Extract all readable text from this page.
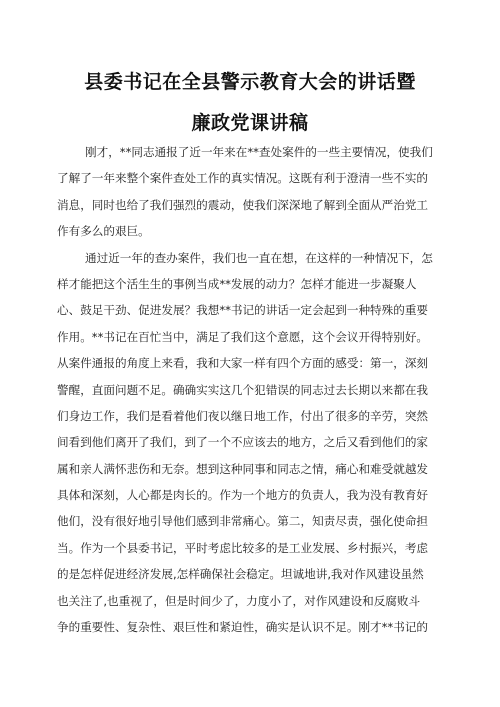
县委书记在全县警示教育大会的讲话暨
廉政党课讲稿
刚才，**同志通报了近一年来在**查处案件的一些主要情况，使我们
了解了一年来整个案件查处工作的真实情况。这既有利于澄清一些不实的
消息，同时也给了我们强烈的震动，使我们深深地了解到全面从严治党工
作有多么的艰巨。
通过近一年的查办案件，我们也一直在想，在这样的一种情况下，怎
样才能把这个活生生的事例当成**发展的动力？怎样才能进一步凝聚人
心、鼓足干劲、促进发展？我想**书记的讲话一定会起到一种特殊的重要
作用。**书记在百忙当中，满足了我们这个意愿，这个会议开得特别好。
从案件通报的角度上来看，我和大家一样有四个方面的感受：第一，深刻
警醒，直面问题不足。确确实实这几个犯错误的同志过去长期以来都在我
们身边工作，我们是看着他们夜以继日地工作，付出了很多的辛劳，突然
间看到他们离开了我们，到了一个不应该去的地方，之后又看到他们的家
属和亲人满怀悲伤和无奈。想到这种同事和同志之情，痛心和难受就越发
具体和深刻，人心都是肉长的。作为一个地方的负责人，我为没有教育好
他们，没有很好地引导他们感到非常痛心。第二，知责尽责，强化使命担
当。作为一个县委书记，平时考虑比较多的是工业发展、乡村振兴，考虑
的是怎样促进经济发展,怎样确保社会稳定。坦诚地讲,我对作风建设虽然
也关注了,也重视了，但是时间少了，力度小了，对作风建设和反腐败斗
争的重要性、复杂性、艰巨性和紧迫性，确实是认识不足。刚才**书记的
